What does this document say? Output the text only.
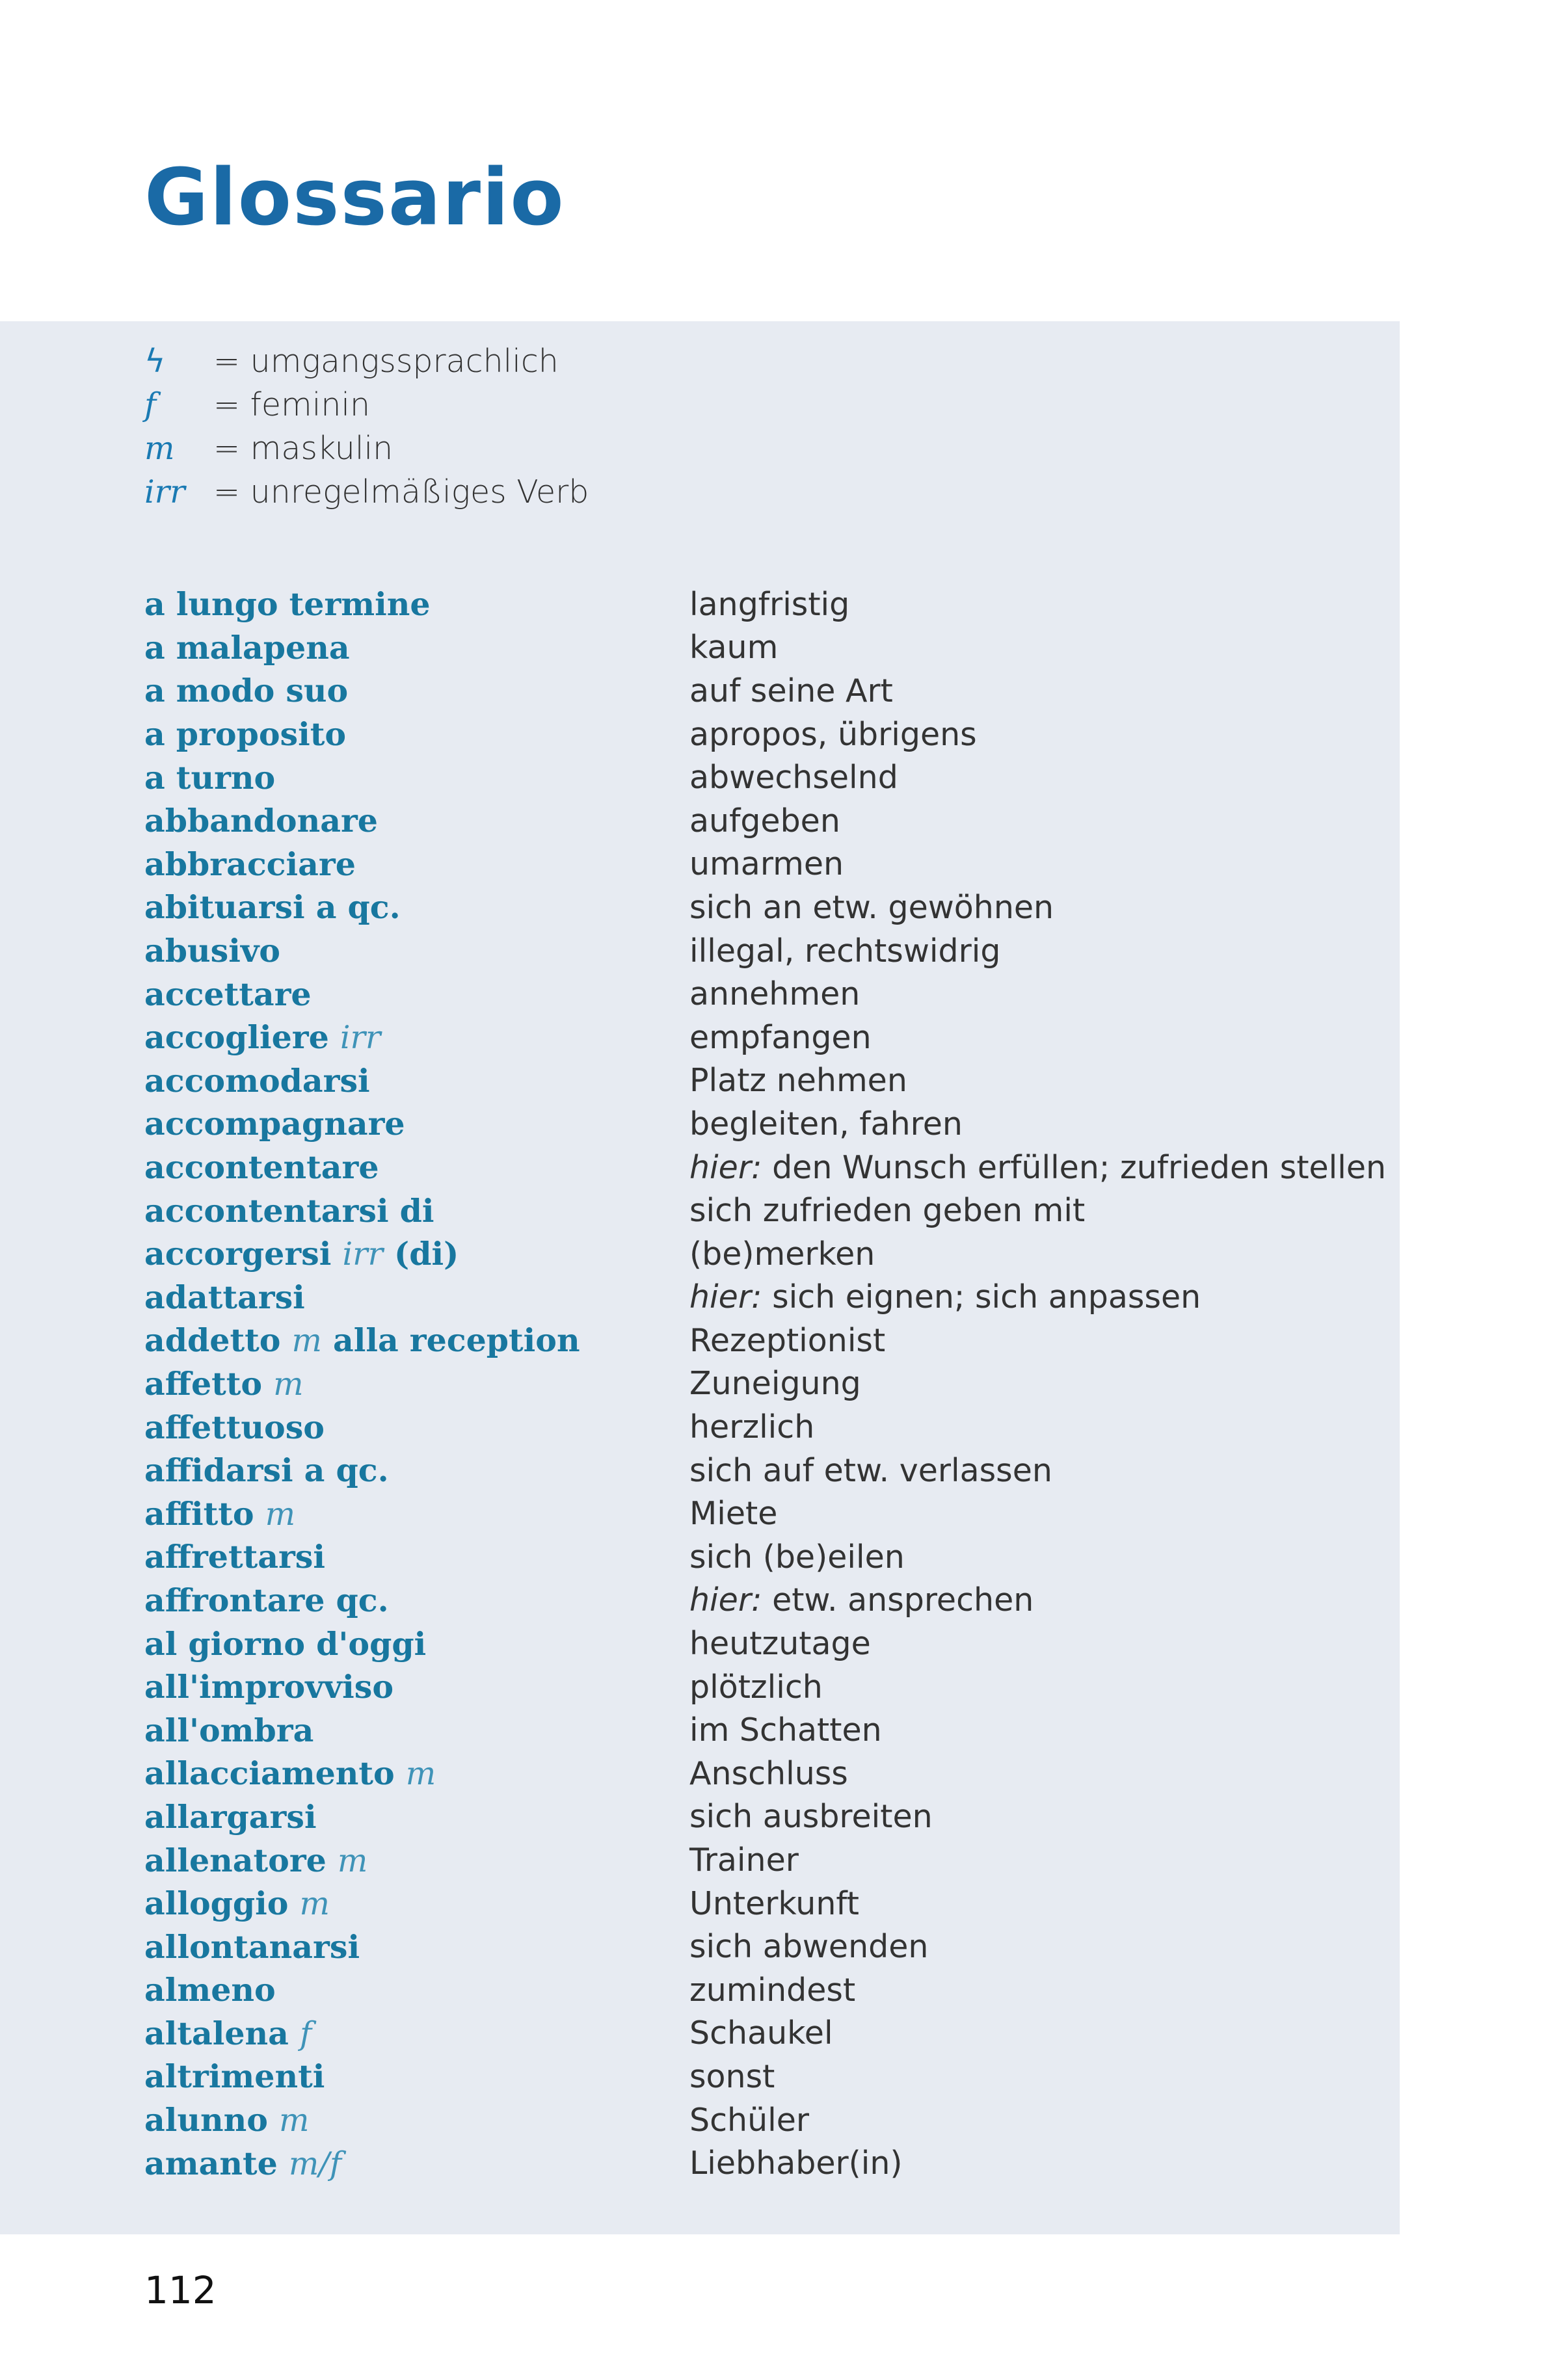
Glossario
ϟ	= umgangssprachlich
f	= feminin
m	= maskulin
irr = unregelmäßiges Verb
a lungo termine	langfristig
a malapena	kaum
a modo suo	auf seine Art
a proposito	apropos, übrigens
a turno	abwechselnd
abbandonare	aufgeben
abbracciare	umarmen
abituarsi a qc.	sich an etw. gewöhnen
abusivo	illegal, rechtswidrig
accettare	annehmen
accogliere irr	empfangen
accomodarsi	Platz nehmen
accompagnare	begleiten, fahren
accontentare	hier: den Wunsch erfüllen; zufrieden stellen
accontentarsi di	sich zufrieden geben mit
accorgersi irr (di)	(be)merken
adattarsi	hier: sich eignen; sich anpassen
addetto m alla reception	Rezeptionist
affetto m	Zuneigung
affettuoso	herzlich
affidarsi a qc.	sich auf etw. verlassen
affitto m	Miete
affrettarsi	sich (be)eilen
affrontare qc.	hier: etw. ansprechen
al giorno d'oggi	heutzutage
all'improvviso	plötzlich
all'ombra	im Schatten
allacciamento m	Anschluss
allargarsi	sich ausbreiten
allenatore m	Trainer
alloggio m	Unterkunft
allontanarsi	sich abwenden
almeno	zumindest
altalena f	Schaukel
altrimenti	sonst
alunno m	Schüler
amante m/f	Liebhaber(in)
112
